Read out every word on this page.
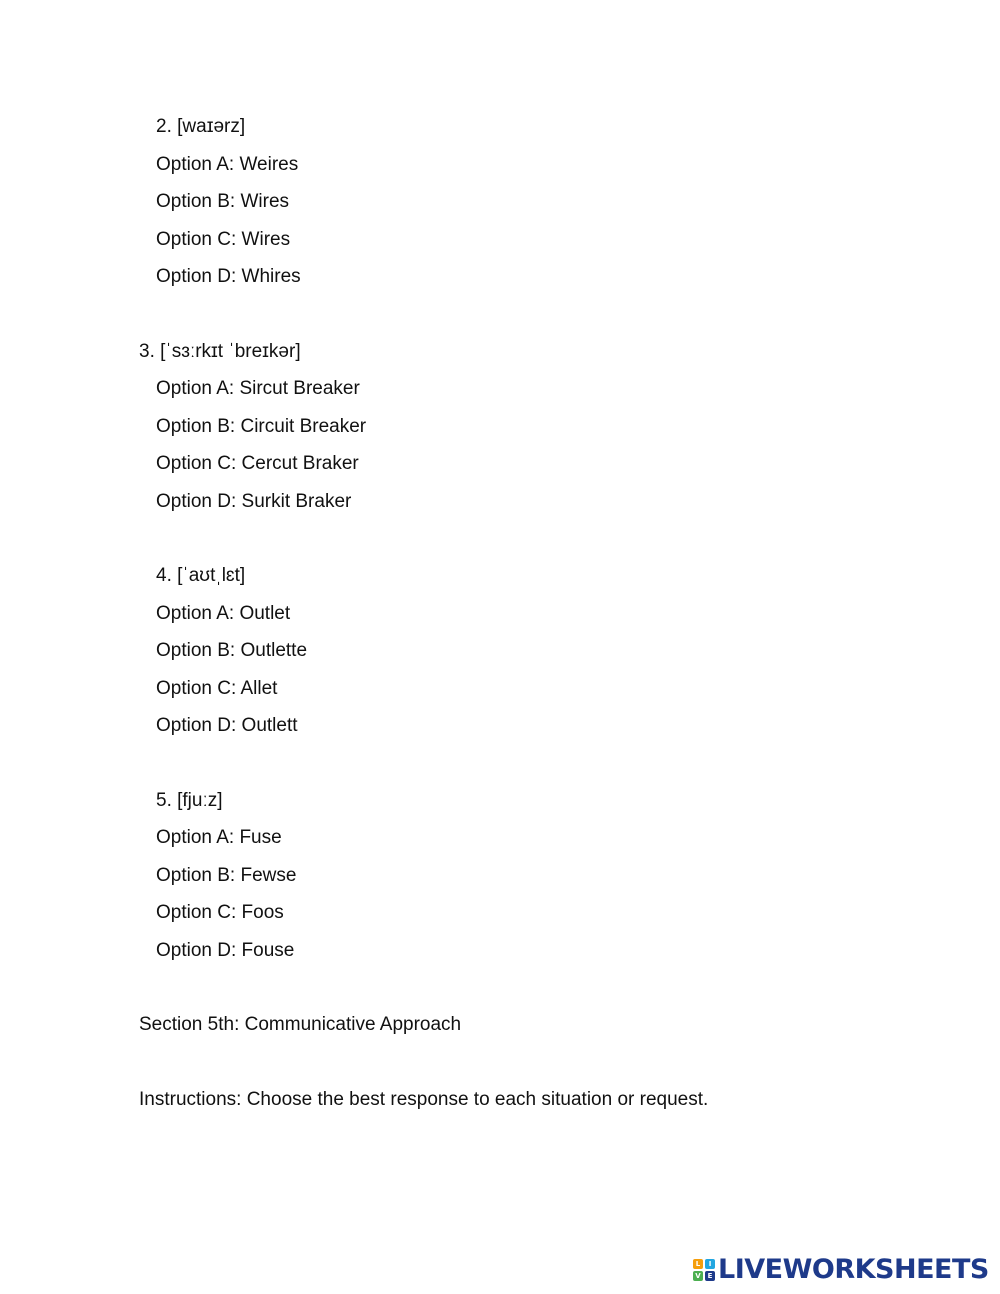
2. [waɪərz]
Option A: Weires
Option B: Wires
Option C: Wires
Option D: Whires
3. [ˈsɜːrkɪt ˈbreɪkər]
Option A: Sircut Breaker
Option B: Circuit Breaker
Option C: Cercut Braker
Option D: Surkit Braker
4. [ˈaʊtˌlɛt]
Option A: Outlet
Option B: Outlette
Option C: Allet
Option D: Outlett
5. [fjuːz]
Option A: Fuse
Option B: Fewse
Option C: Foos
Option D: Fouse
Section 5th: Communicative Approach
Instructions: Choose the best response to each situation or request.
L	I
V E LIVEWORKSHEETS
